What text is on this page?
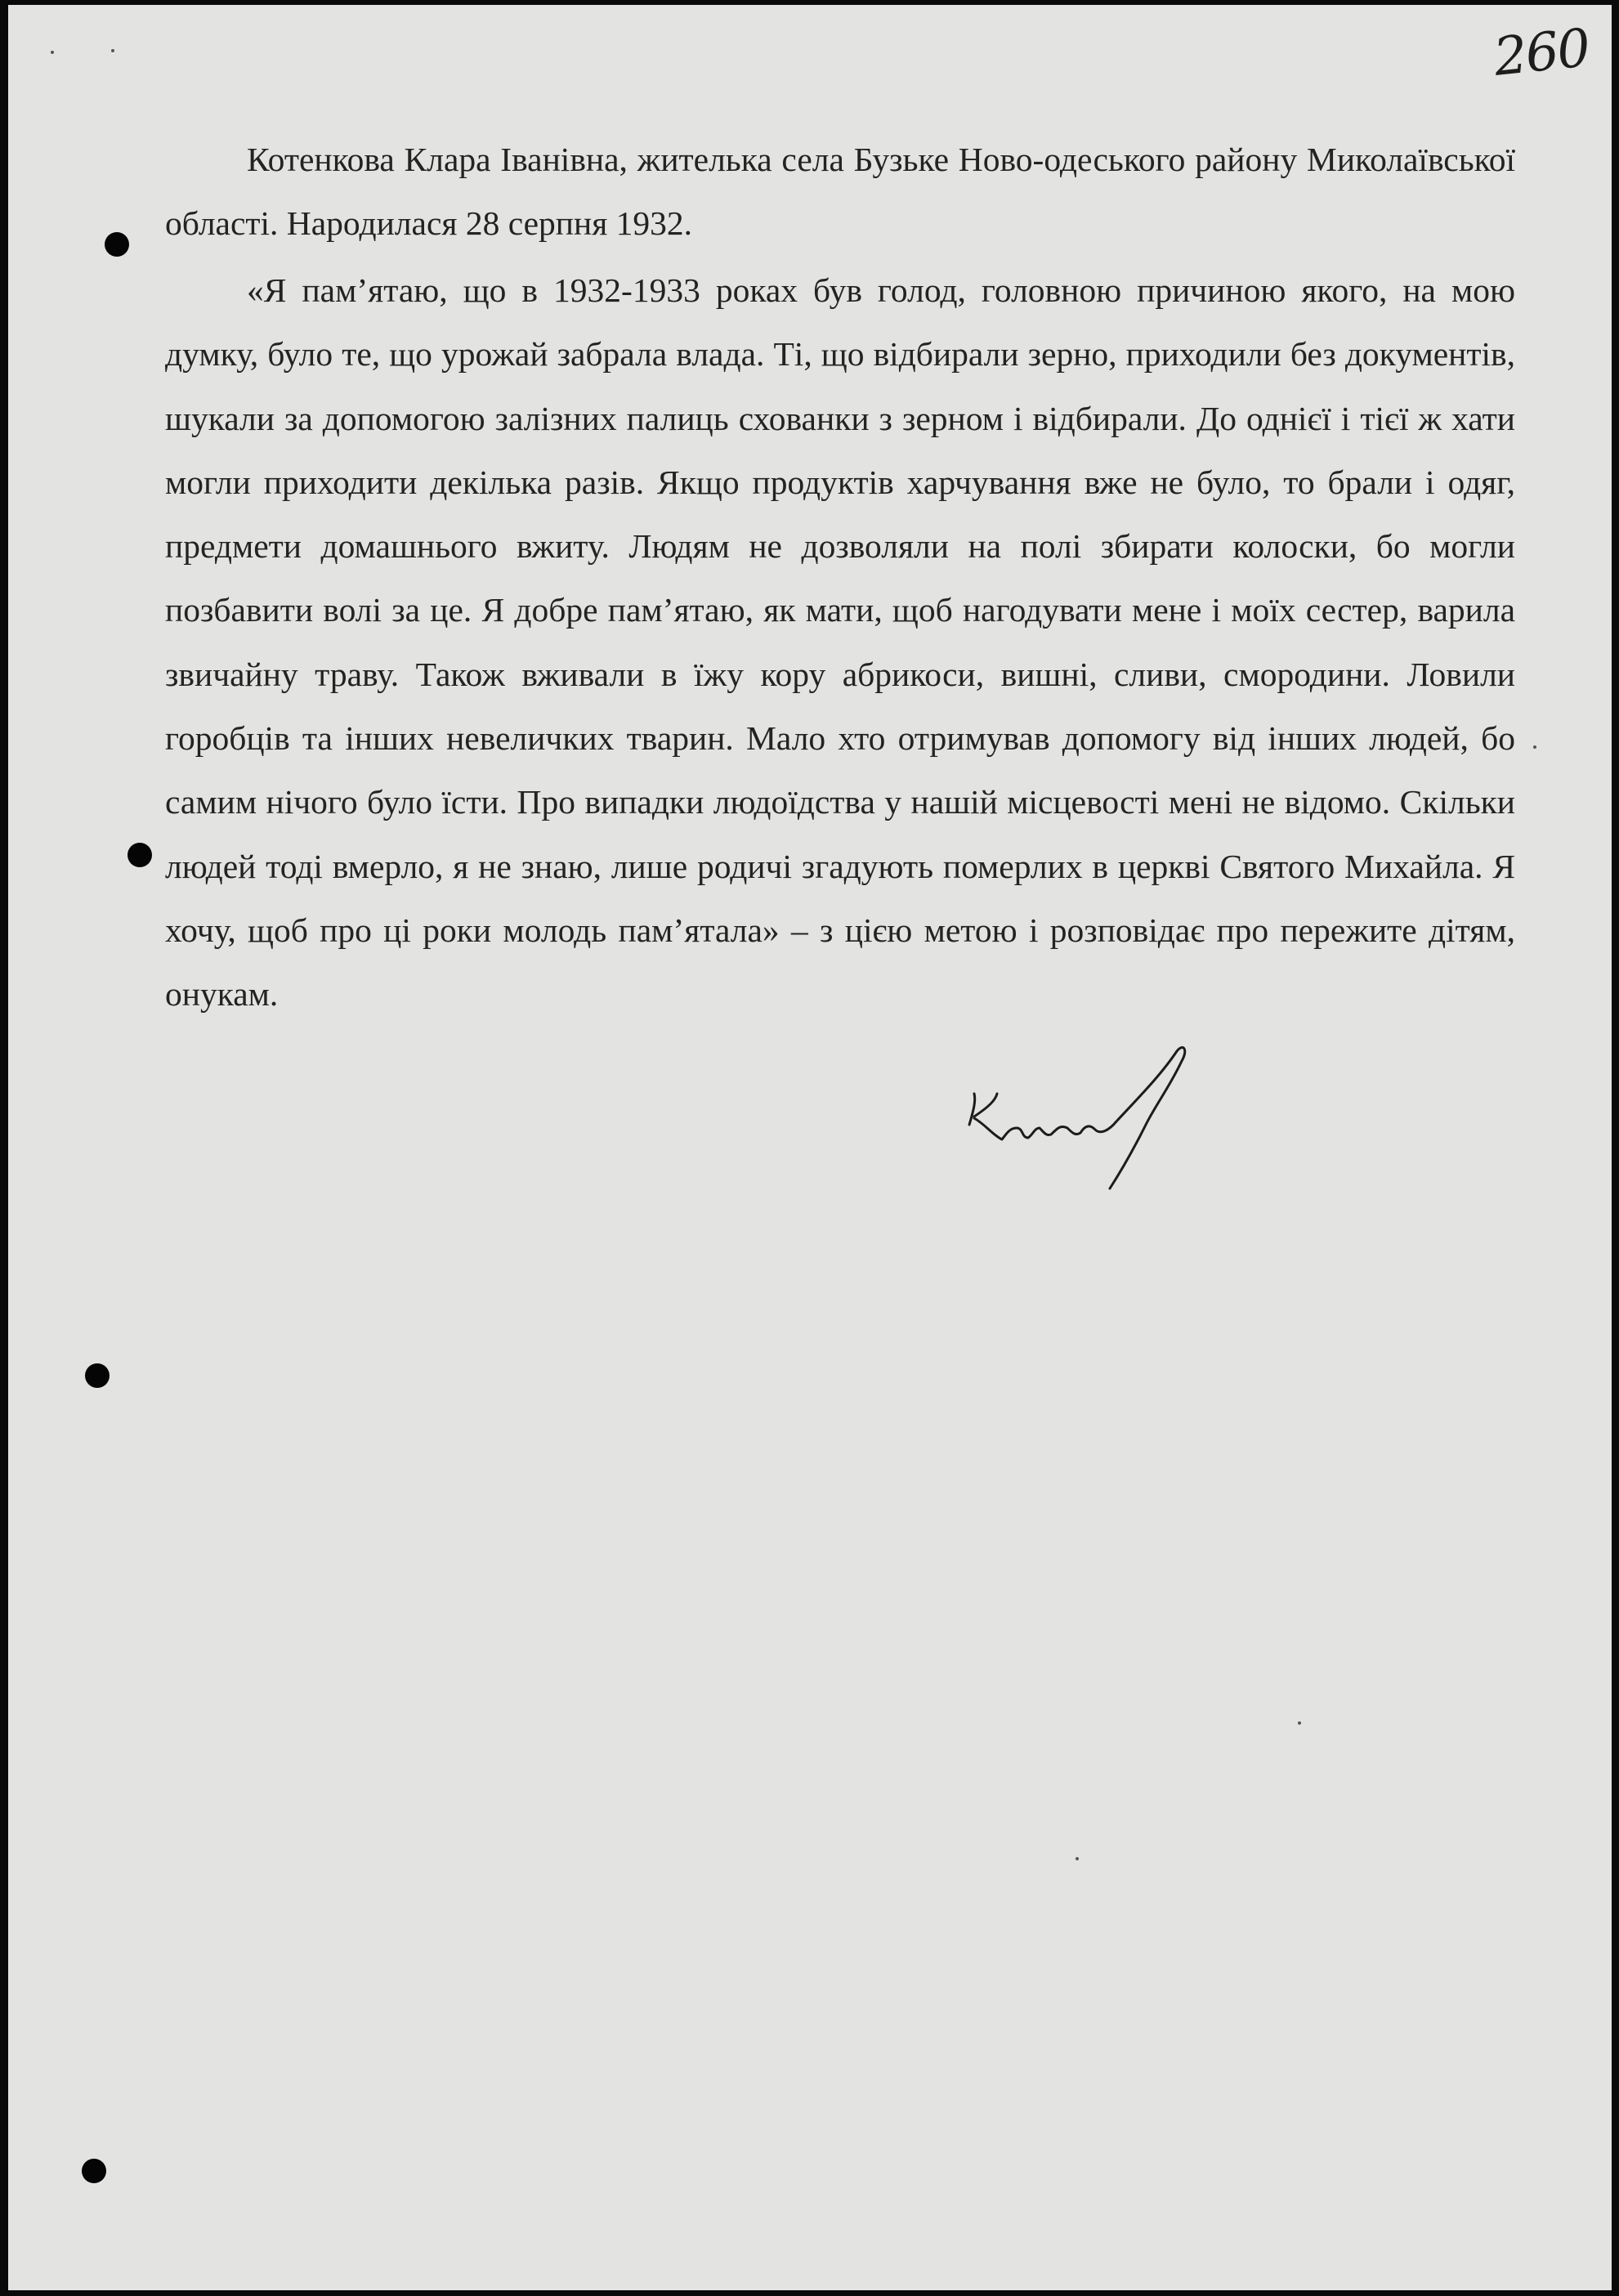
260

Котенкова Клара Іванівна, жителька села Бузьке Ново-одеського району Миколаївської області. Народилася 28 серпня 1932.

«Я пам’ятаю, що в 1932-1933 роках був голод, головною причиною якого, на мою думку, було те, що урожай забрала влада. Ті, що відбирали зерно, приходили без документів, шукали за допомогою залізних палиць схованки з зерном і відбирали. До однієї і тієї ж хати могли приходити декілька разів. Якщо продуктів харчування вже не було, то брали і одяг, предмети домашнього вжиту. Людям не дозволяли на полі збирати колоски, бо могли позбавити волі за це. Я добре пам’ятаю, як мати, щоб нагодувати мене і моїх сестер, варила звичайну траву. Також вживали в їжу кору абрикоси, вишні, сливи, смородини. Ловили горобців та інших невеличких тварин. Мало хто отримував допомогу від інших людей, бо самим нічого було їсти. Про випадки людоїдства у нашій місцевості мені не відомо. Скільки людей тоді вмерло, я не знаю, лише родичі згадують померлих в церкві Святого Михайла. Я хочу, щоб про ці роки молодь пам’ятала» – з цією метою і розповідає про пережите дітям, онукам.
